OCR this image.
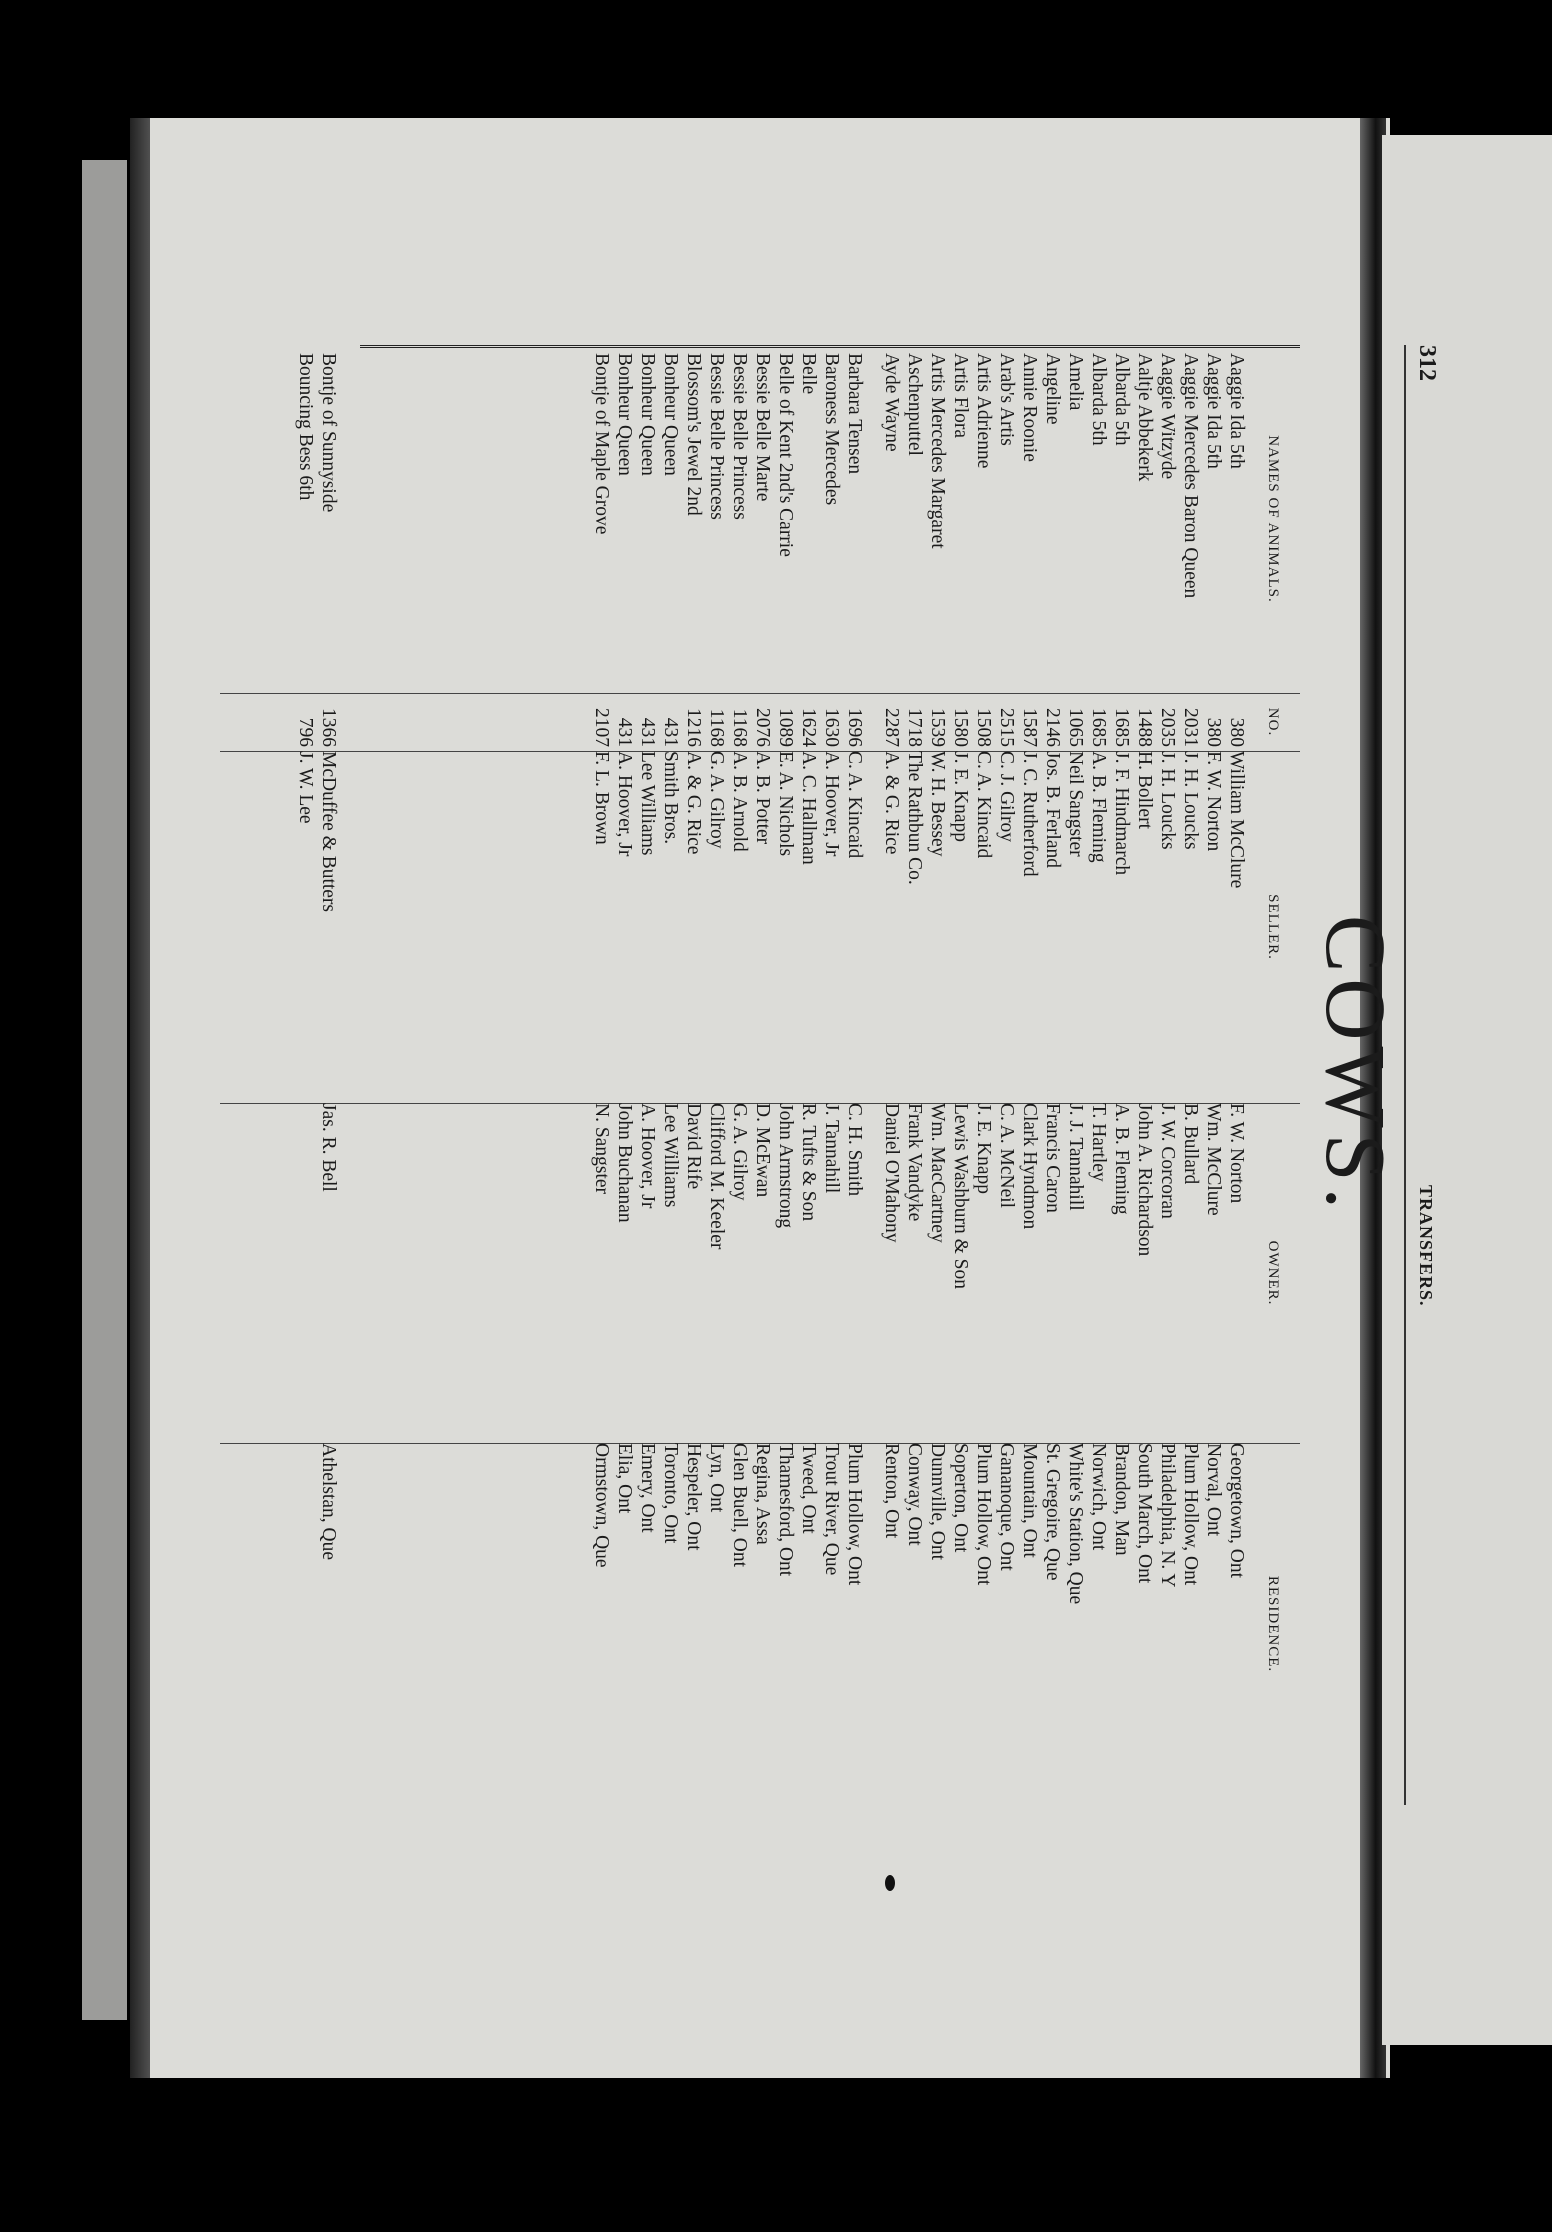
312
TRANSFERS.
COWS.
NAMES OF ANIMALS.
NO.
SELLER.
OWNER.
RESIDENCE.
Aaggie Ida 5th
380
William McClure
F. W. Norton
Georgetown, Ont
Aaggie Ida 5th
380
F. W. Norton
Wm. McClure
Norval, Ont
Aaggie Mercedes Baron Queen
2031
J. H. Loucks
B. Bullard
Plum Hollow, Ont
Aaggie Witzyde
2035
J. H. Loucks
J. W. Corcoran
Philadelphia, N. Y
Aaltje Abbekerk
1488
H. Bollert
John A. Richardson
South March, Ont
Albarda 5th
1685
J. F. Hindmarch
A. B. Fleming
Brandon, Man
Albarda 5th
1685
A. B. Fleming
T. Hartley
Norwich, Ont
Amelia
1065
Neil Sangster
J. J. Tannahill
White's Station, Que
Angeline
2146
Jos. B. Ferland
Francis Caron
St. Gregoire, Que
Annie Roonie
1587
J. C. Rutherford
Clark Hyndmon
Mountain, Ont
Arab's Artis
2515
C. J. Gilroy
C. A. McNeil
Gananoque, Ont
Artis Adrienne
1508
C. A. Kincaid
J. E. Knapp
Plum Hollow, Ont
Artis Flora
1580
J. E. Knapp
Lewis Washburn & Son
Soperton, Ont
Artis Mercedes Margaret
1539
W. H. Bessey
Wm. MacCartney
Dunnville, Ont
Aschenputtel
1718
The Rathbun Co.
Frank Vandyke
Conway, Ont
Ayde Wayne
2287
A. & G. Rice
Daniel O'Mahony
Renton, Ont
Barbara Tensen
1696
C. A. Kincaid
C. H. Smith
Plum Hollow, Ont
Baroness Mercedes
1630
A. Hoover, Jr
J. Tannahill
Trout River, Que
Belle
1624
A. C. Hallman
R. Tufts & Son
Tweed, Ont
Belle of Kent 2nd's Carrie
1089
E. A. Nichols
John Armstrong
Thamesford, Ont
Bessie Belle Marte
2076
A. B. Potter
D. McEwan
Regina, Assa
Bessie Belle Princess
1168
A. B. Arnold
G. A. Gilroy
Glen Buell, Ont
Bessie Belle Princess
1168
G. A. Gilroy
Clifford M. Keeler
Lyn, Ont
Blossom's Jewel 2nd
1216
A. & G. Rice
David Rife
Hespeler, Ont
Bonheur Queen
431
Smith Bros.
Lee Williams
Toronto, Ont
Bonheur Queen
431
Lee Williams
A. Hoover, Jr
Emery, Ont
Bonheur Queen
431
A. Hoover, Jr
John Buchanan
Elia, Ont
Bontje of Maple Grove
2107
F. L. Brown
N. Sangster
Ormstown, Que
Bontje of Sunnyside
1366
McDuffee & Butters
Jas. R. Bell
Athelstan, Que
Bouncing Bess 6th
796
J. W. Lee
